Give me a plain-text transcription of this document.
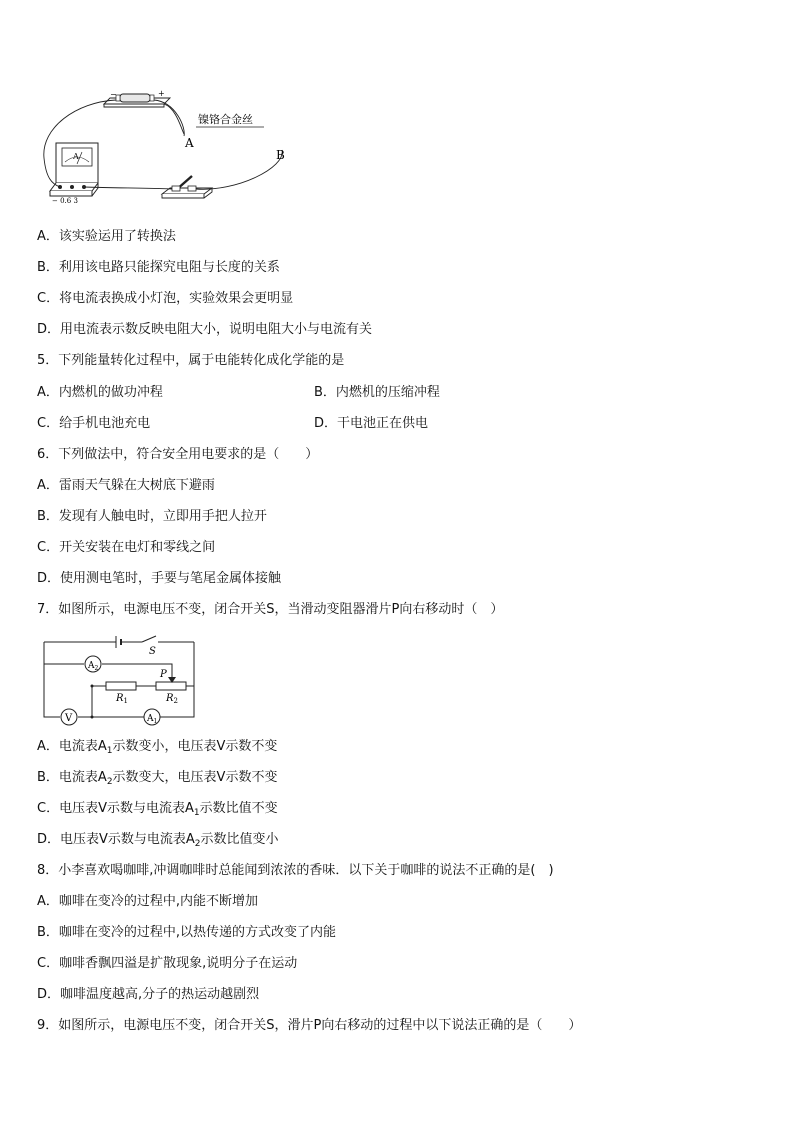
−	+
A
− 0.6 3
镍铬合金丝
A
B
A．该实验运用了转换法
B．利用该电路只能探究电阻与长度的关系
C．将电流表换成小灯泡，实验效果会更明显
D．用电流表示数反映电阻大小，说明电阻大小与电流有关
5．下列能量转化过程中，属于电能转化成化学能的是
A．内燃机的做功冲程	B．内燃机的压缩冲程
C．给手机电池充电	D．干电池正在供电
6．下列做法中，符合安全用电要求的是（　　）
A．雷雨天气躲在大树底下避雨
B．发现有人触电时，立即用手把人拉开
C．开关安装在电灯和零线之间
D．使用测电笔时，手要与笔尾金属体接触
7．如图所示，电源电压不变，闭合开关S，当滑动变阻器滑片P向右移动时（　）
S
$A_2$
P
$R_1$	$R_2$
V	$A_1$
A．电流表$A_1$示数变小，电压表V示数不变
B．电流表$A_2$示数变大，电压表V示数不变
C．电压表V示数与电流表$A_1$示数比值不变
D．电压表V示数与电流表$A_2$示数比值变小
8．小李喜欢喝咖啡,冲调咖啡时总能闻到浓浓的香味．以下关于咖啡的说法不正确的是(　)
A．咖啡在变冷的过程中,内能不断增加
B．咖啡在变冷的过程中,以热传递的方式改变了内能
C．咖啡香飘四溢是扩散现象,说明分子在运动
D．咖啡温度越高,分子的热运动越剧烈
9．如图所示，电源电压不变，闭合开关S，滑片P向右移动的过程中以下说法正确的是（　　）
